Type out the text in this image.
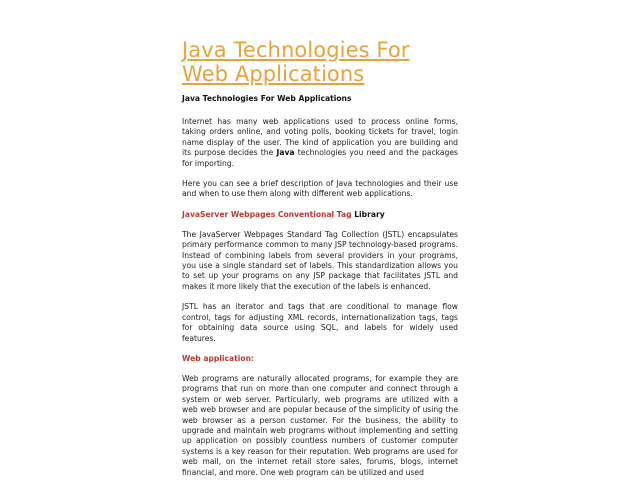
Java Technologies For Web Applications
Java Technologies For Web Applications

Internet has many web applications used to process online forms, taking orders online, and voting polls, booking tickets for travel, login name display of the user. The kind of application you are building and its purpose decides the Java technologies you need and the packages for importing.

Here you can see a brief description of Java technologies and their use and when to use them along with different web applications.

JavaServer Webpages Conventional Tag Library

The JavaServer Webpages Standard Tag Collection (JSTL) encapsulates primary performance common to many JSP technology-based programs. Instead of combining labels from several providers in your programs, you use a single standard set of labels. This standardization allows you to set up your programs on any JSP package that facilitates JSTL and makes it more likely that the execution of the labels is enhanced.

JSTL has an iterator and tags that are conditional to manage flow control, tags for adjusting XML records, internationalization tags, tags for obtaining data source using SQL, and labels for widely used features.

Web application:

Web programs are naturally allocated programs, for example they are programs that run on more than one computer and connect through a system or web server. Particularly, web programs are utilized with a web web browser and are popular because of the simplicity of using the web browser as a person customer. For the business, the ability to upgrade and maintain web programs without implementing and setting up application on possibly countless numbers of customer computer systems is a key reason for their reputation. Web programs are used for web mail, on the internet retail store sales, forums, blogs, internet financial, and more. One web program can be utilized and used
